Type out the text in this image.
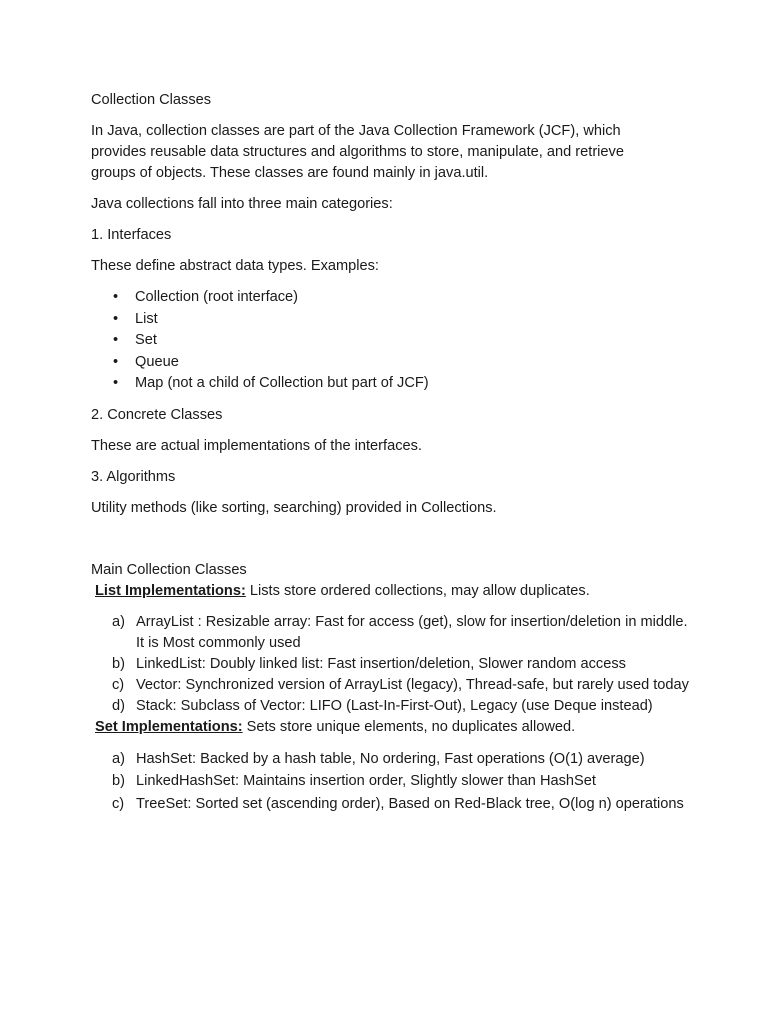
Collection Classes

In Java, collection classes are part of the Java Collection Framework (JCF), which provides reusable data structures and algorithms to store, manipulate, and retrieve groups of objects. These classes are found mainly in java.util.

Java collections fall into three main categories:

1. Interfaces

These define abstract data types. Examples:

• Collection (root interface)
• List
• Set
• Queue
• Map (not a child of Collection but part of JCF)

2. Concrete Classes

These are actual implementations of the interfaces.

3. Algorithms

Utility methods (like sorting, searching) provided in Collections.

Main Collection Classes

List Implementations: Lists store ordered collections, may allow duplicates.

a) ArrayList : Resizable array: Fast for access (get), slow for insertion/deletion in middle. It is Most commonly used
b) LinkedList: Doubly linked list: Fast insertion/deletion, Slower random access
c) Vector: Synchronized version of ArrayList (legacy), Thread-safe, but rarely used today
d) Stack: Subclass of Vector: LIFO (Last-In-First-Out), Legacy (use Deque instead)

Set Implementations: Sets store unique elements, no duplicates allowed.

a) HashSet: Backed by a hash table, No ordering, Fast operations (O(1) average)
b) LinkedHashSet: Maintains insertion order, Slightly slower than HashSet
c) TreeSet: Sorted set (ascending order), Based on Red-Black tree, O(log n) operations
